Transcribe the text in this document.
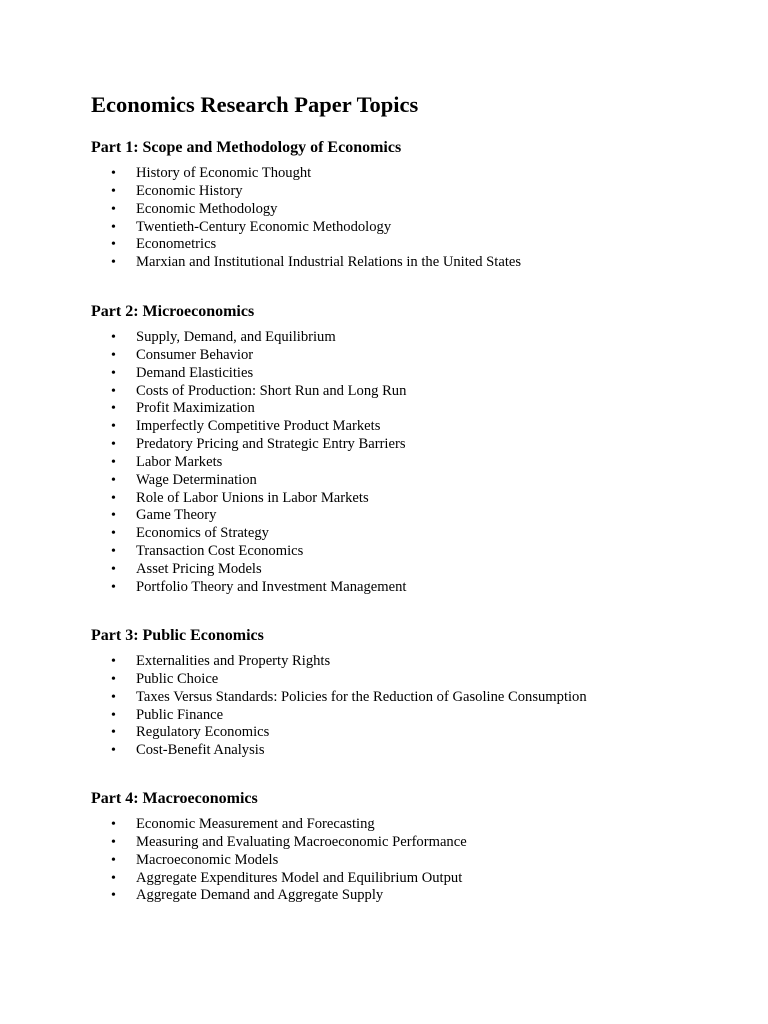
Economics Research Paper Topics
Part 1: Scope and Methodology of Economics
• History of Economic Thought
• Economic History
• Economic Methodology
• Twentieth-Century Economic Methodology
• Econometrics
• Marxian and Institutional Industrial Relations in the United States
Part 2: Microeconomics
• Supply, Demand, and Equilibrium
• Consumer Behavior
• Demand Elasticities
• Costs of Production: Short Run and Long Run
• Profit Maximization
• Imperfectly Competitive Product Markets
• Predatory Pricing and Strategic Entry Barriers
• Labor Markets
• Wage Determination
• Role of Labor Unions in Labor Markets
• Game Theory
• Economics of Strategy
• Transaction Cost Economics
• Asset Pricing Models
• Portfolio Theory and Investment Management
Part 3: Public Economics
• Externalities and Property Rights
• Public Choice
• Taxes Versus Standards: Policies for the Reduction of Gasoline Consumption
• Public Finance
• Regulatory Economics
• Cost-Benefit Analysis
Part 4: Macroeconomics
• Economic Measurement and Forecasting
• Measuring and Evaluating Macroeconomic Performance
• Macroeconomic Models
• Aggregate Expenditures Model and Equilibrium Output
• Aggregate Demand and Aggregate Supply
